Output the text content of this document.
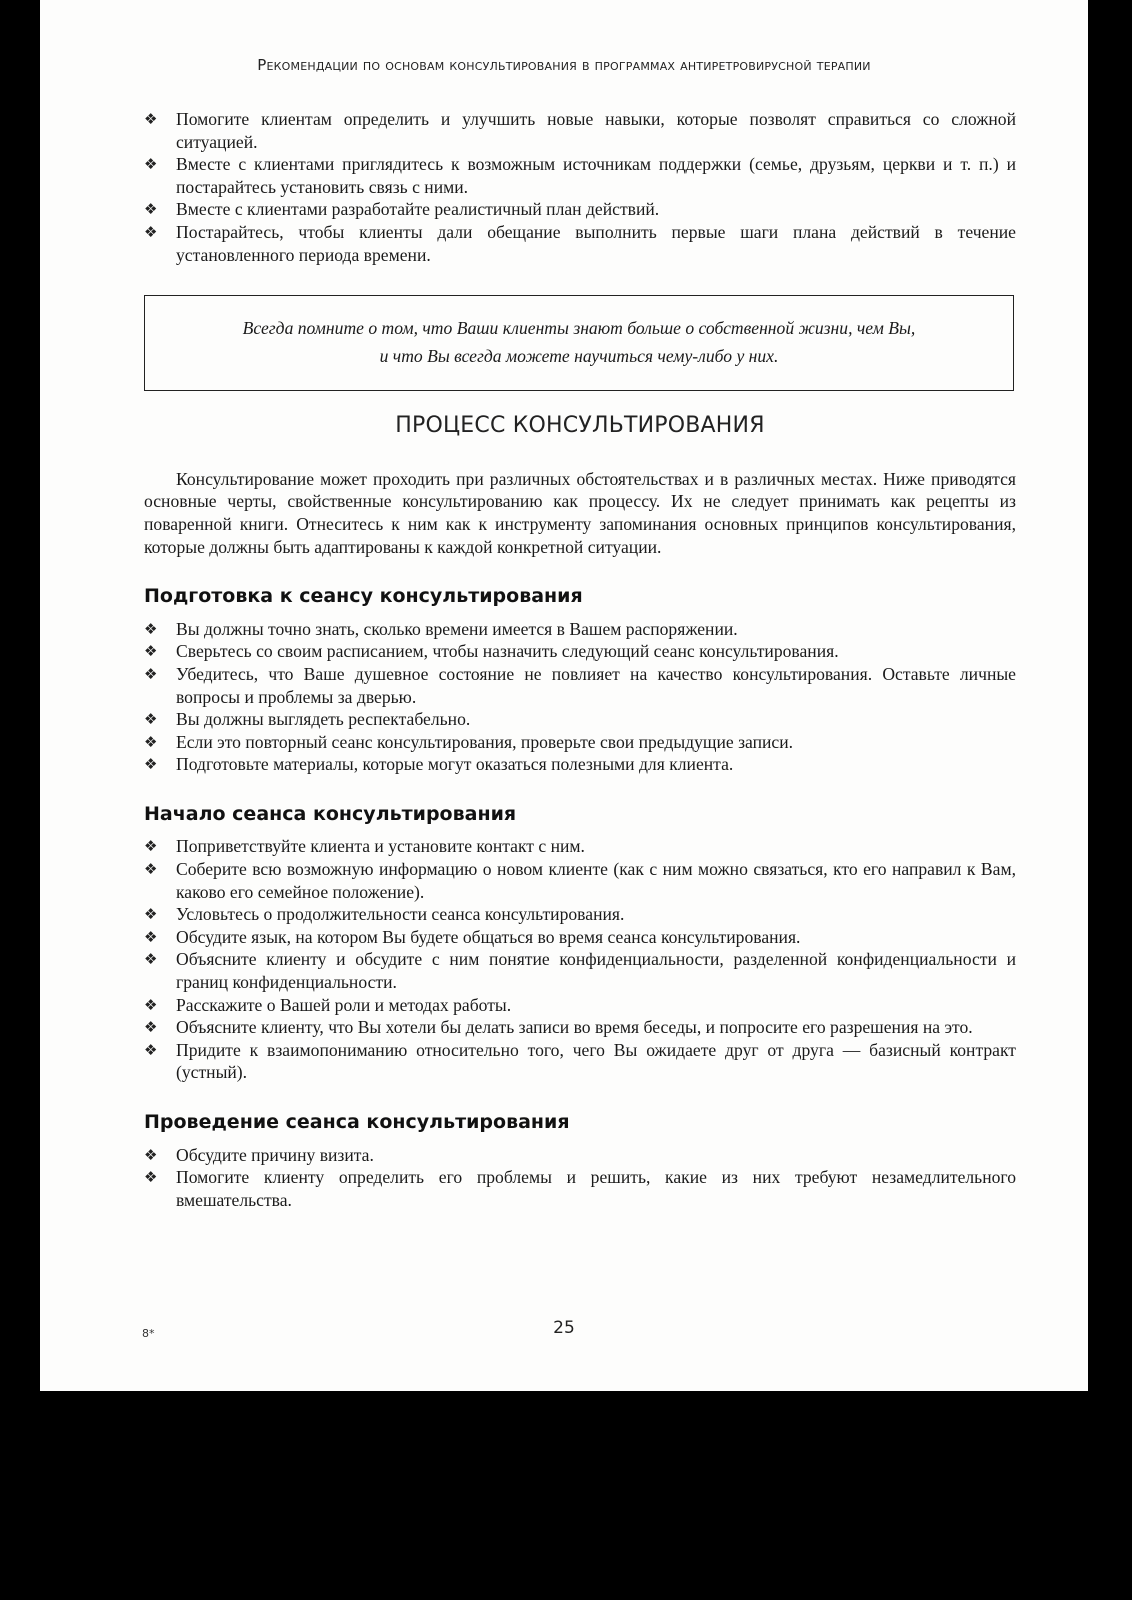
Рекомендации по основам консультирования в программах антиретровирусной терапии
❖ Помогите клиентам определить и улучшить новые навыки, которые позволят справиться со сложной ситуацией.
❖ Вместе с клиентами приглядитесь к возможным источникам поддержки (семье, друзьям, церкви и т. п.) и постарайтесь установить связь с ними.
❖ Вместе с клиентами разработайте реалистичный план действий.
❖ Постарайтесь, чтобы клиенты дали обещание выполнить первые шаги плана действий в течение установленного периода времени.
Всегда помните о том, что Ваши клиенты знают больше о собственной жизни, чем Вы,
и что Вы всегда можете научиться чему-либо у них.
ПРОЦЕСС КОНСУЛЬТИРОВАНИЯ

Консультирование может проходить при различных обстоятельствах и в различных местах. Ниже приводятся основные черты, свойственные консультированию как процессу. Их не следует принимать как рецепты из поваренной книги. Отнеситесь к ним как к инструменту запоминания основных принципов консультирования, которые должны быть адаптированы к каждой конкретной ситуации.

Подготовка к сеансу консультирования
❖ Вы должны точно знать, сколько времени имеется в Вашем распоряжении.
❖ Сверьтесь со своим расписанием, чтобы назначить следующий сеанс консультирования.
❖ Убедитесь, что Ваше душевное состояние не повлияет на качество консультирования. Оставьте личные вопросы и проблемы за дверью.
❖ Вы должны выглядеть респектабельно.
❖ Если это повторный сеанс консультирования, проверьте свои предыдущие записи.
❖ Подготовьте материалы, которые могут оказаться полезными для клиента.
Начало сеанса консультирования
❖ Поприветствуйте клиента и установите контакт с ним.
❖ Соберите всю возможную информацию о новом клиенте (как с ним можно связаться, кто его направил к Вам, каково его семейное положение).
❖ Условьтесь о продолжительности сеанса консультирования.
❖ Обсудите язык, на котором Вы будете общаться во время сеанса консультирования.
❖ Объясните клиенту и обсудите с ним понятие конфиденциальности, разделенной конфиденциальности и границ конфиденциальности.
❖ Расскажите о Вашей роли и методах работы.
❖ Объясните клиенту, что Вы хотели бы делать записи во время беседы, и попросите его разрешения на это.
❖ Придите к взаимопониманию относительно того, чего Вы ожидаете друг от друга — базисный контракт (устный).
Проведение сеанса консультирования
❖ Обсудите причину визита.
❖ Помогите клиенту определить его проблемы и решить, какие из них требуют незамедлительного вмешательства.
8*	25
